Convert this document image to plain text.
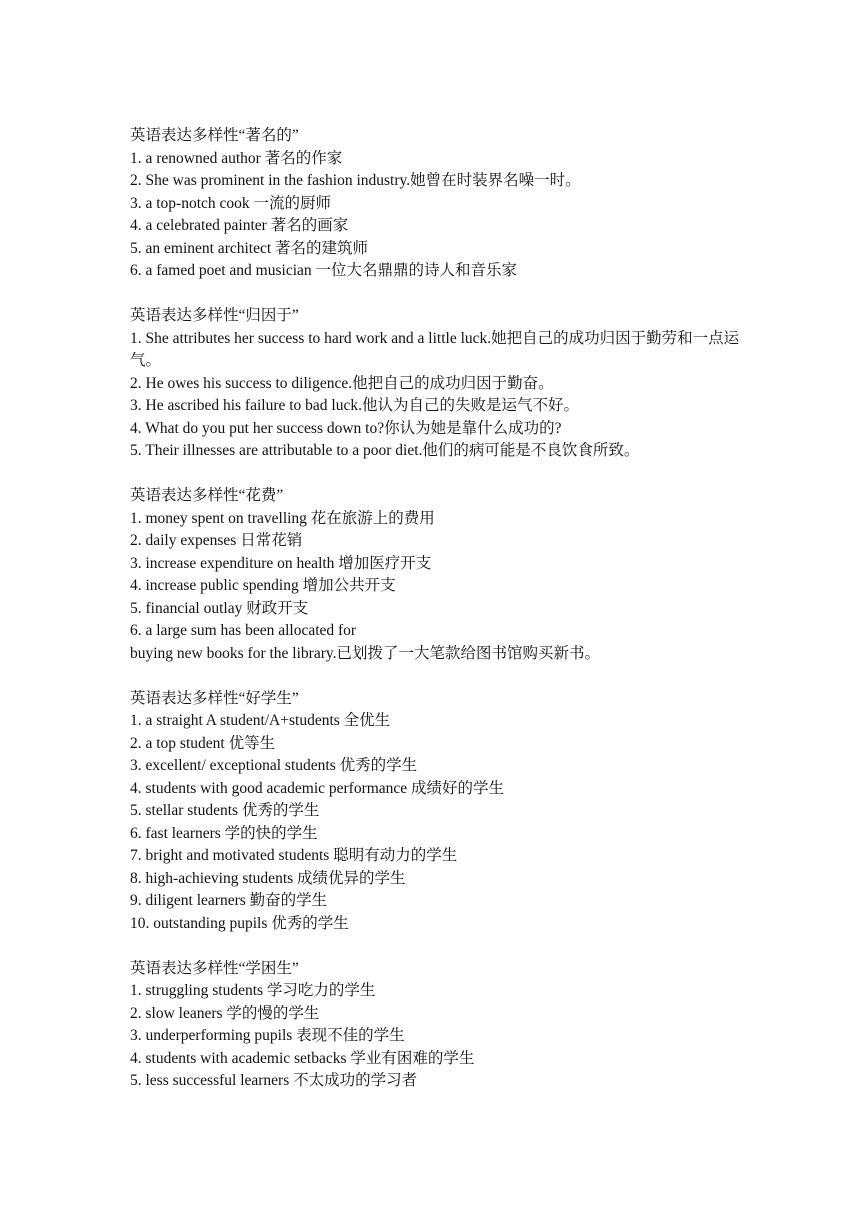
英语表达多样性“著名的”
1. a renowned author 著名的作家
2. She was prominent in the fashion industry.她曾在时装界名噪一时。
3. a top-notch cook 一流的厨师
4. a celebrated painter 著名的画家
5. an eminent architect 著名的建筑师
6. a famed poet and musician 一位大名鼎鼎的诗人和音乐家
英语表达多样性“归因于”
1. She attributes her success to hard work and a little luck.她把自己的成功归因于勤劳和一点运气。
2. He owes his success to diligence.他把自己的成功归因于勤奋。
3. He ascribed his failure to bad luck.他认为自己的失败是运气不好。
4. What do you put her success down to?你认为她是靠什么成功的?
5. Their illnesses are attributable to a poor diet.他们的病可能是不良饮食所致。
英语表达多样性“花费”
1. money spent on travelling 花在旅游上的费用
2. daily expenses 日常花销
3. increase expenditure on health 增加医疗开支
4. increase public spending 增加公共开支
5. financial outlay 财政开支
6. a large sum has been allocated for
buying new books for the library.已划拨了一大笔款给图书馆购买新书。
英语表达多样性“好学生”
1. a straight A student/A+students 全优生
2. a top student 优等生
3. excellent/ exceptional students 优秀的学生
4. students with good academic performance 成绩好的学生
5. stellar students 优秀的学生
6. fast learners 学的快的学生
7. bright and motivated students 聪明有动力的学生
8. high-achieving students 成绩优异的学生
9. diligent learners 勤奋的学生
10. outstanding pupils 优秀的学生
英语表达多样性“学困生”
1. struggling students 学习吃力的学生
2. slow leaners 学的慢的学生
3. underperforming pupils 表现不佳的学生
4. students with academic setbacks 学业有困难的学生
5. less successful learners 不太成功的学习者
